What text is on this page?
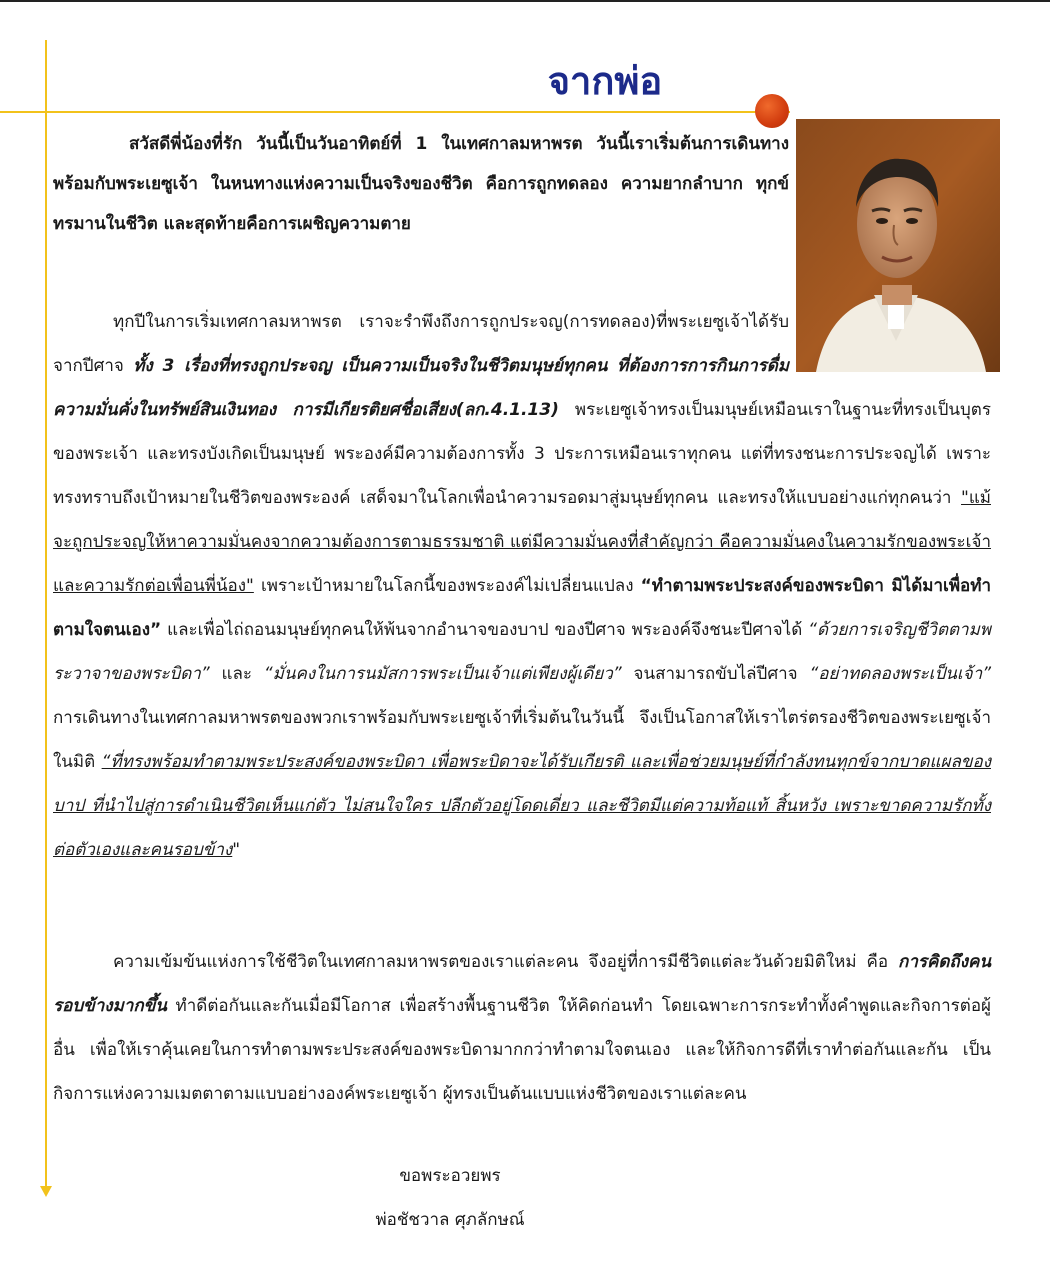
จากพ่อ

สวัสดีพี่น้องที่รัก วันนี้เป็นวันอาทิตย์ที่ 1 ในเทศกาลมหาพรต วันนี้เราเริ่มต้นการเดินทางพร้อมกับพระเยซูเจ้า ในหนทางแห่งความเป็นจริงของชีวิต คือการถูกทดลอง ความยากลำบาก ทุกข์ทรมานในชีวิต และสุดท้ายคือการเผชิญความตาย

ทุกปีในการเริ่มเทศกาลมหาพรต เราจะรำพึงถึงการถูกประจญ(การทดลอง)ที่พระเยซูเจ้าได้รับจากปีศาจ ทั้ง 3 เรื่องที่ทรงถูกประจญ เป็นความเป็นจริงในชีวิตมนุษย์ทุกคน ที่ต้องการการกินการดื่ม ความมั่นคั่งในทรัพย์สินเงินทอง การมีเกียรติยศชื่อเสียง(ลก.4.1.13) พระเยซูเจ้าทรงเป็นมนุษย์เหมือนเราในฐานะที่ทรงเป็นบุตรของพระเจ้า และทรงบังเกิดเป็นมนุษย์ พระองค์มีความต้องการทั้ง 3 ประการเหมือนเราทุกคน แต่ที่ทรงชนะการประจญได้ เพราะทรงทราบถึงเป้าหมายในชีวิตของพระองค์ เสด็จมาในโลกเพื่อนำความรอดมาสู่มนุษย์ทุกคน และทรงให้แบบอย่างแก่ทุกคนว่า "แม้จะถูกประจญให้หาความมั่นคงจากความต้องการตามธรรมชาติ แต่มีความมั่นคงที่สำคัญกว่า คือความมั่นคงในความรักของพระเจ้า และความรักต่อเพื่อนพี่น้อง" เพราะเป้าหมายในโลกนี้ของพระองค์ไม่เปลี่ยนแปลง “ทำตามพระประสงค์ของพระบิดา มิได้มาเพื่อทำตามใจตนเอง” และเพื่อไถ่ถอนมนุษย์ทุกคนให้พ้นจากอำนาจของบาป ของปีศาจ พระองค์จึงชนะปีศาจได้ “ด้วยการเจริญชีวิตตามพระวาจาของพระบิดา” และ “มั่นคงในการนมัสการพระเป็นเจ้าแต่เพียงผู้เดียว” จนสามารถขับไล่ปีศาจ “อย่าทดลองพระเป็นเจ้า” การเดินทางในเทศกาลมหาพรตของพวกเราพร้อมกับพระเยซูเจ้าที่เริ่มต้นในวันนี้ จึงเป็นโอกาสให้เราไตร่ตรองชีวิตของพระเยซูเจ้า ในมิติ “ที่ทรงพร้อมทำตามพระประสงค์ของพระบิดา เพื่อพระบิดาจะได้รับเกียรติ และเพื่อช่วยมนุษย์ที่กำลังทนทุกข์จากบาดแผลของบาป ที่นำไปสู่การดำเนินชีวิตเห็นแก่ตัว ไม่สนใจใคร ปลีกตัวอยู่โดดเดี่ยว และชีวิตมีแต่ความท้อแท้ สิ้นหวัง เพราะขาดความรักทั้งต่อตัวเองและคนรอบข้าง"

ความเข้มข้นแห่งการใช้ชีวิตในเทศกาลมหาพรตของเราแต่ละคน จึงอยู่ที่การมีชีวิตแต่ละวันด้วยมิติใหม่ คือ การคิดถึงคนรอบข้างมากขึ้น ทำดีต่อกันและกันเมื่อมีโอกาส เพื่อสร้างพื้นฐานชีวิต ให้คิดก่อนทำ โดยเฉพาะการกระทำทั้งคำพูดและกิจการต่อผู้อื่น เพื่อให้เราคุ้นเคยในการทำตามพระประสงค์ของพระบิดามากกว่าทำตามใจตนเอง และให้กิจการดีที่เราทำต่อกันและกัน เป็นกิจการแห่งความเมตตาตามแบบอย่างองค์พระเยซูเจ้า ผู้ทรงเป็นต้นแบบแห่งชีวิตของเราแต่ละคน

ขอพระอวยพร

พ่อชัชวาล ศุภลักษณ์
